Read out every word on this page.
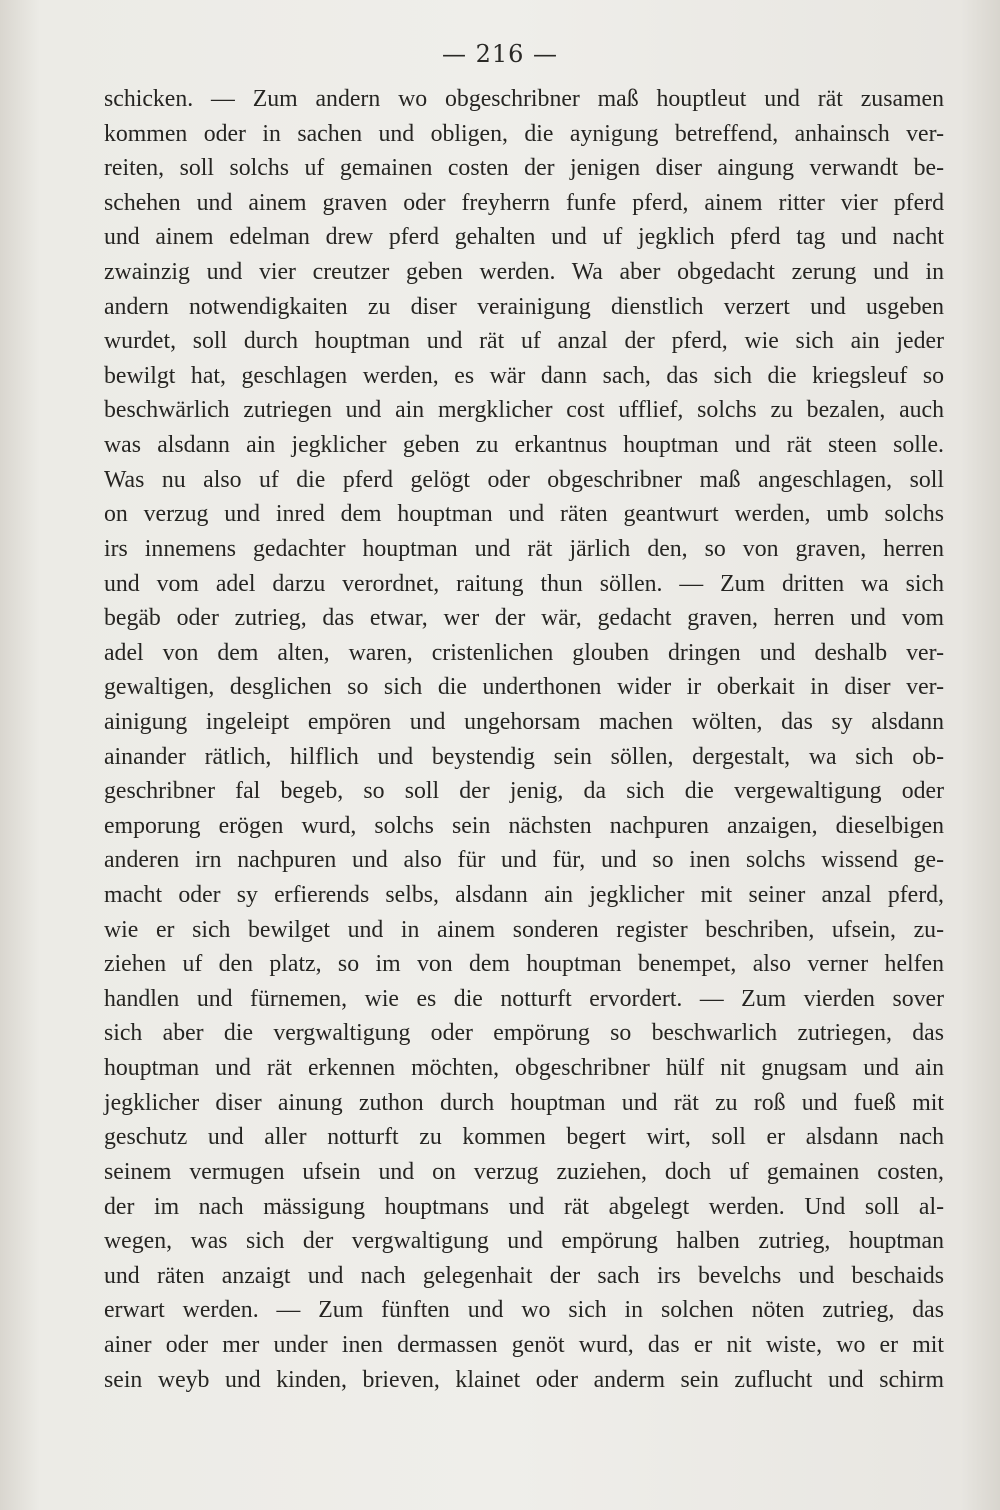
— 216 —
schicken. — Zum andern wo obgeschribner maß houptleut und rät zusamen
kommen oder in sachen und obligen, die aynigung betreffend, anhainsch ver-
reiten, soll solchs uf gemainen costen der jenigen diser aingung verwandt be-
schehen und ainem graven oder freyherrn funfe pferd, ainem ritter vier pferd
und ainem edelman drew pferd gehalten und uf jegklich pferd tag und nacht
zwainzig und vier creutzer geben werden. Wa aber obgedacht zerung und in
andern notwendigkaiten zu diser verainigung dienstlich verzert und usgeben
wurdet, soll durch houptman und rät uf anzal der pferd, wie sich ain jeder
bewilgt hat, geschlagen werden, es wär dann sach, das sich die kriegsleuf so
beschwärlich zutriegen und ain mergklicher cost ufflief, solchs zu bezalen, auch
was alsdann ain jegklicher geben zu erkantnus houptman und rät steen solle.
Was nu also uf die pferd gelögt oder obgeschribner maß angeschlagen, soll
on verzug und inred dem houptman und räten geantwurt werden, umb solchs
irs innemens gedachter houptman und rät järlich den, so von graven, herren
und vom adel darzu verordnet, raitung thun söllen. — Zum dritten wa sich
begäb oder zutrieg, das etwar, wer der wär, gedacht graven, herren und vom
adel von dem alten, waren, cristenlichen glouben dringen und deshalb ver-
gewaltigen, desglichen so sich die underthonen wider ir oberkait in diser ver-
ainigung ingeleipt empören und ungehorsam machen wölten, das sy alsdann
ainander rätlich, hilflich und beystendig sein söllen, dergestalt, wa sich ob-
geschribner fal begeb, so soll der jenig, da sich die vergewaltigung oder
emporung erögen wurd, solchs sein nächsten nachpuren anzaigen, dieselbigen
anderen irn nachpuren und also für und für, und so inen solchs wissend ge-
macht oder sy erfierends selbs, alsdann ain jegklicher mit seiner anzal pferd,
wie er sich bewilget und in ainem sonderen register beschriben, ufsein, zu-
ziehen uf den platz, so im von dem houptman benempet, also verner helfen
handlen und fürnemen, wie es die notturft ervordert. — Zum vierden sover
sich aber die vergwaltigung oder empörung so beschwarlich zutriegen, das
houptman und rät erkennen möchten, obgeschribner hülf nit gnugsam und ain
jegklicher diser ainung zuthon durch houptman und rät zu roß und fueß mit
geschutz und aller notturft zu kommen begert wirt, soll er alsdann nach
seinem vermugen ufsein und on verzug zuziehen, doch uf gemainen costen,
der im nach mässigung houptmans und rät abgelegt werden. Und soll al-
wegen, was sich der vergwaltigung und empörung halben zutrieg, houptman
und räten anzaigt und nach gelegenhait der sach irs bevelchs und beschaids
erwart werden. — Zum fünften und wo sich in solchen nöten zutrieg, das
ainer oder mer under inen dermassen genöt wurd, das er nit wiste, wo er mit
sein weyb und kinden, brieven, klainet oder anderm sein zuflucht und schirm
